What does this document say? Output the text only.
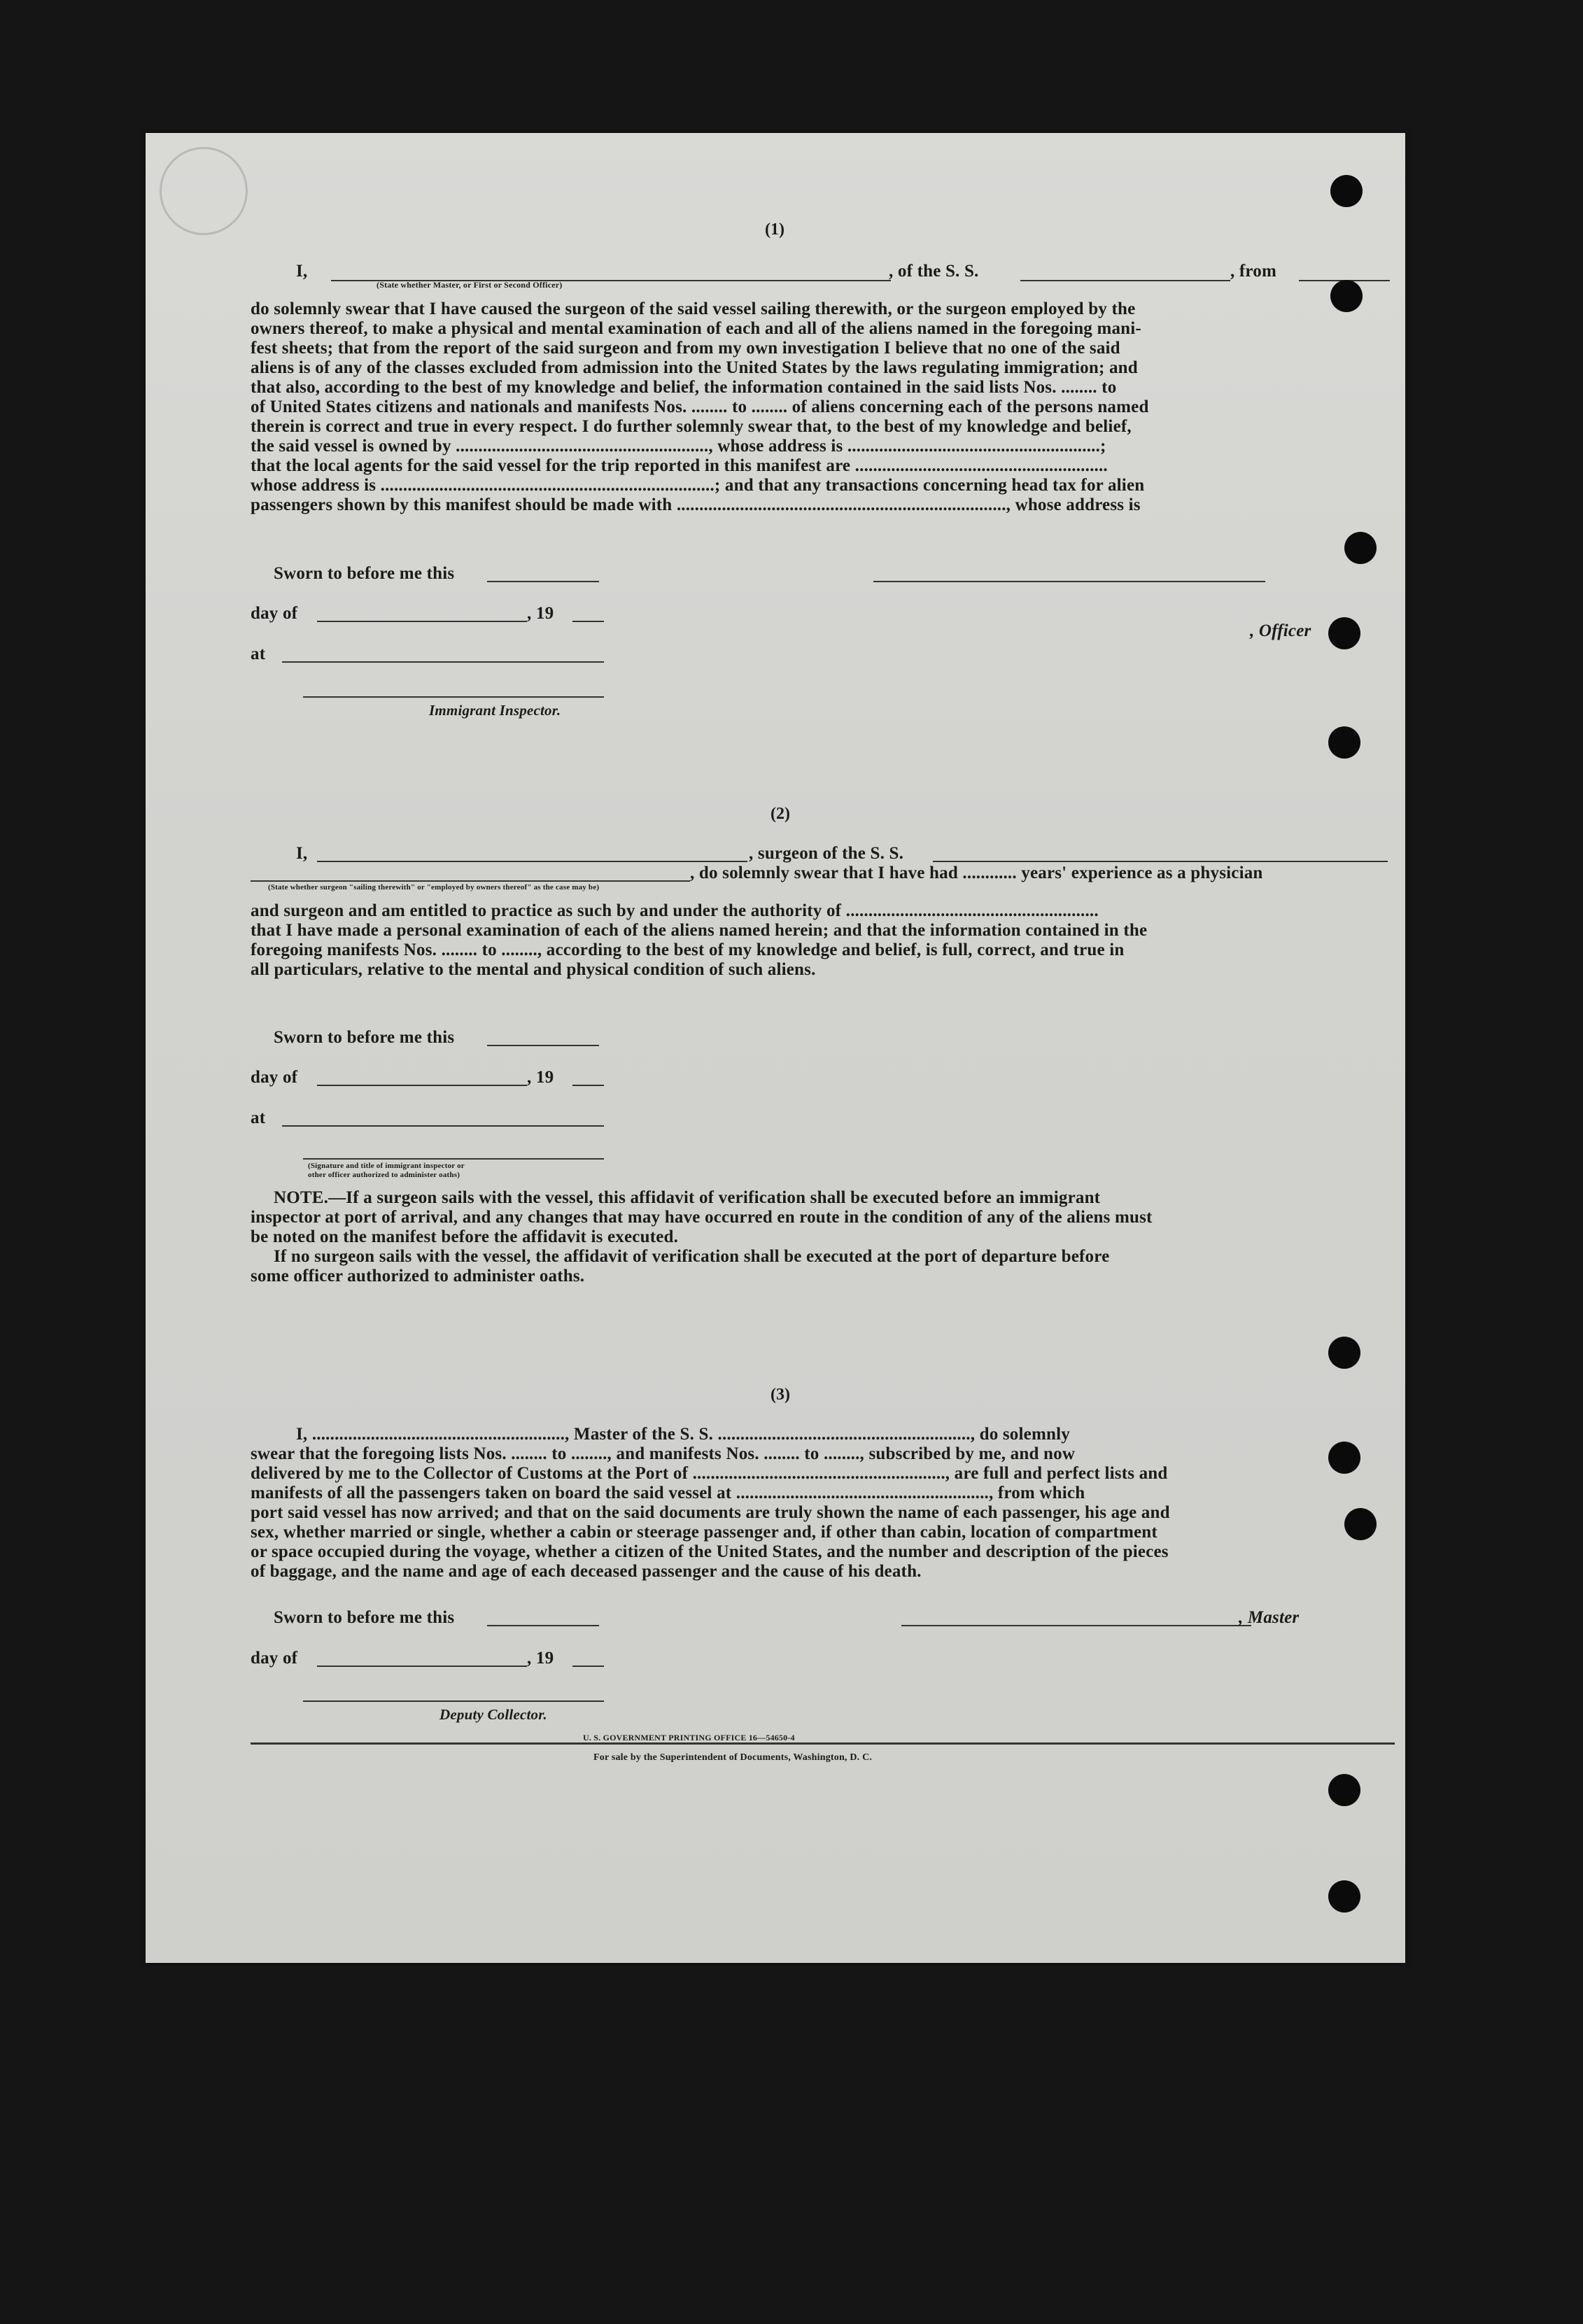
(1)
I,	, of the S. S.	, from
(State whether Master, or First or Second Officer)
do solemnly swear that I have caused the surgeon of the said vessel sailing therewith, or the surgeon employed by the
owners thereof, to make a physical and mental examination of each and all of the aliens named in the foregoing mani-
fest sheets; that from the report of the said surgeon and from my own investigation I believe that no one of the said
aliens is of any of the classes excluded from admission into the United States by the laws regulating immigration; and
that also, according to the best of my knowledge and belief, the information contained in the said lists Nos. ........ to
of United States citizens and nationals and manifests Nos. ........ to ........ of aliens concerning each of the persons named
therein is correct and true in every respect. I do further solemnly swear that, to the best of my knowledge and belief,
the said vessel is owned by ........................................................, whose address is ........................................................;
that the local agents for the said vessel for the trip reported in this manifest are ........................................................
whose address is ..........................................................................; and that any transactions concerning head tax for alien
passengers shown by this manifest should be made with ........................................................................., whose address is
Sworn to before me this
day of	, 19
, Officer
at
Immigrant Inspector.
(2)
I,	, surgeon of the S. S.
, do solemnly swear that I have had ............ years' experience as a physician
(State whether surgeon "sailing therewith" or "employed by owners thereof" as the case may be)
and surgeon and am entitled to practice as such by and under the authority of ........................................................
that I have made a personal examination of each of the aliens named herein; and that the information contained in the
foregoing manifests Nos. ........ to ........, according to the best of my knowledge and belief, is full, correct, and true in
all particulars, relative to the mental and physical condition of such aliens.
Sworn to before me this
day of	, 19
at
(Signature and title of immigrant inspector or
other officer authorized to administer oaths)
NOTE.—If a surgeon sails with the vessel, this affidavit of verification shall be executed before an immigrant
inspector at port of arrival, and any changes that may have occurred en route in the condition of any of the aliens must
be noted on the manifest before the affidavit is executed.
If no surgeon sails with the vessel, the affidavit of verification shall be executed at the port of departure before
some officer authorized to administer oaths.
(3)
I, ........................................................, Master of the S. S. ........................................................, do solemnly
swear that the foregoing lists Nos. ........ to ........, and manifests Nos. ........ to ........, subscribed by me, and now
delivered by me to the Collector of Customs at the Port of ........................................................, are full and perfect lists and
manifests of all the passengers taken on board the said vessel at ........................................................, from which
port said vessel has now arrived; and that on the said documents are truly shown the name of each passenger, his age and
sex, whether married or single, whether a cabin or steerage passenger and, if other than cabin, location of compartment
or space occupied during the voyage, whether a citizen of the United States, and the number and description of the pieces
of baggage, and the name and age of each deceased passenger and the cause of his death.
Sworn to before me this	, Master
day of	, 19
Deputy Collector.
U. S. GOVERNMENT PRINTING OFFICE 16—54650-4
For sale by the Superintendent of Documents, Washington, D. C.
